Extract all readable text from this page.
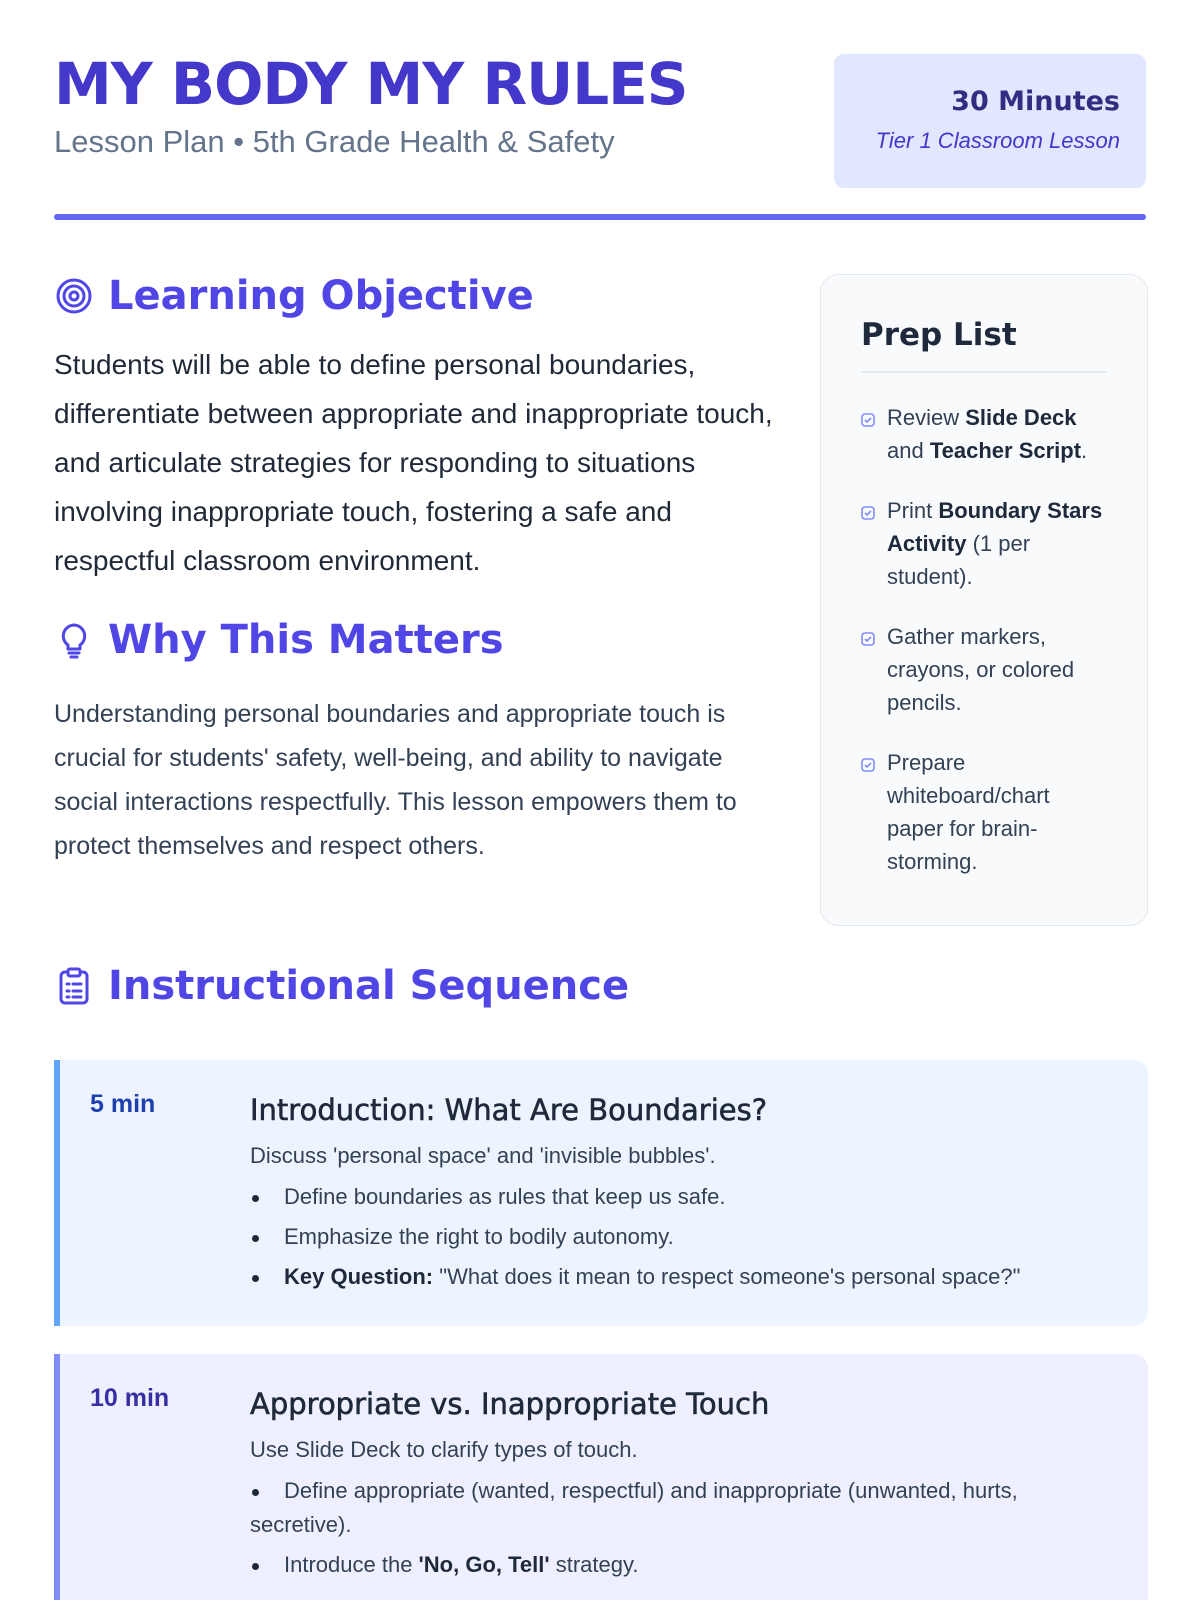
MY BODY MY RULES
Lesson Plan • 5th Grade Health & Safety
30 Minutes
Tier 1 Classroom Lesson
Learning Objective
Students will be able to define personal boundaries, differentiate between appropriate and inappropriate touch, and articulate strategies for responding to situations involving inappropriate touch, fostering a safe and respectful classroom environment.
Why This Matters
Understanding personal boundaries and appropriate touch is crucial for students' safety, well-being, and ability to navigate social interactions respectfully. This lesson empowers them to protect themselves and respect others.
Prep List
Review Slide Deck and Teacher Script.
Print Boundary Stars Activity (1 per student).
Gather markers, crayons, or colored pencils.
Prepare whiteboard/chart paper for brain-storming.
Instructional Sequence
5 min	Introduction: What Are Boundaries?
Discuss 'personal space' and 'invisible bubbles'.
Define boundaries as rules that keep us safe.
Emphasize the right to bodily autonomy.
Key Question: "What does it mean to respect someone's personal space?"
10 min	Appropriate vs. Inappropriate Touch
Use Slide Deck to clarify types of touch.
Define appropriate (wanted, respectful) and inappropriate (unwanted, hurts, secretive).
Introduce the 'No, Go, Tell' strategy.
